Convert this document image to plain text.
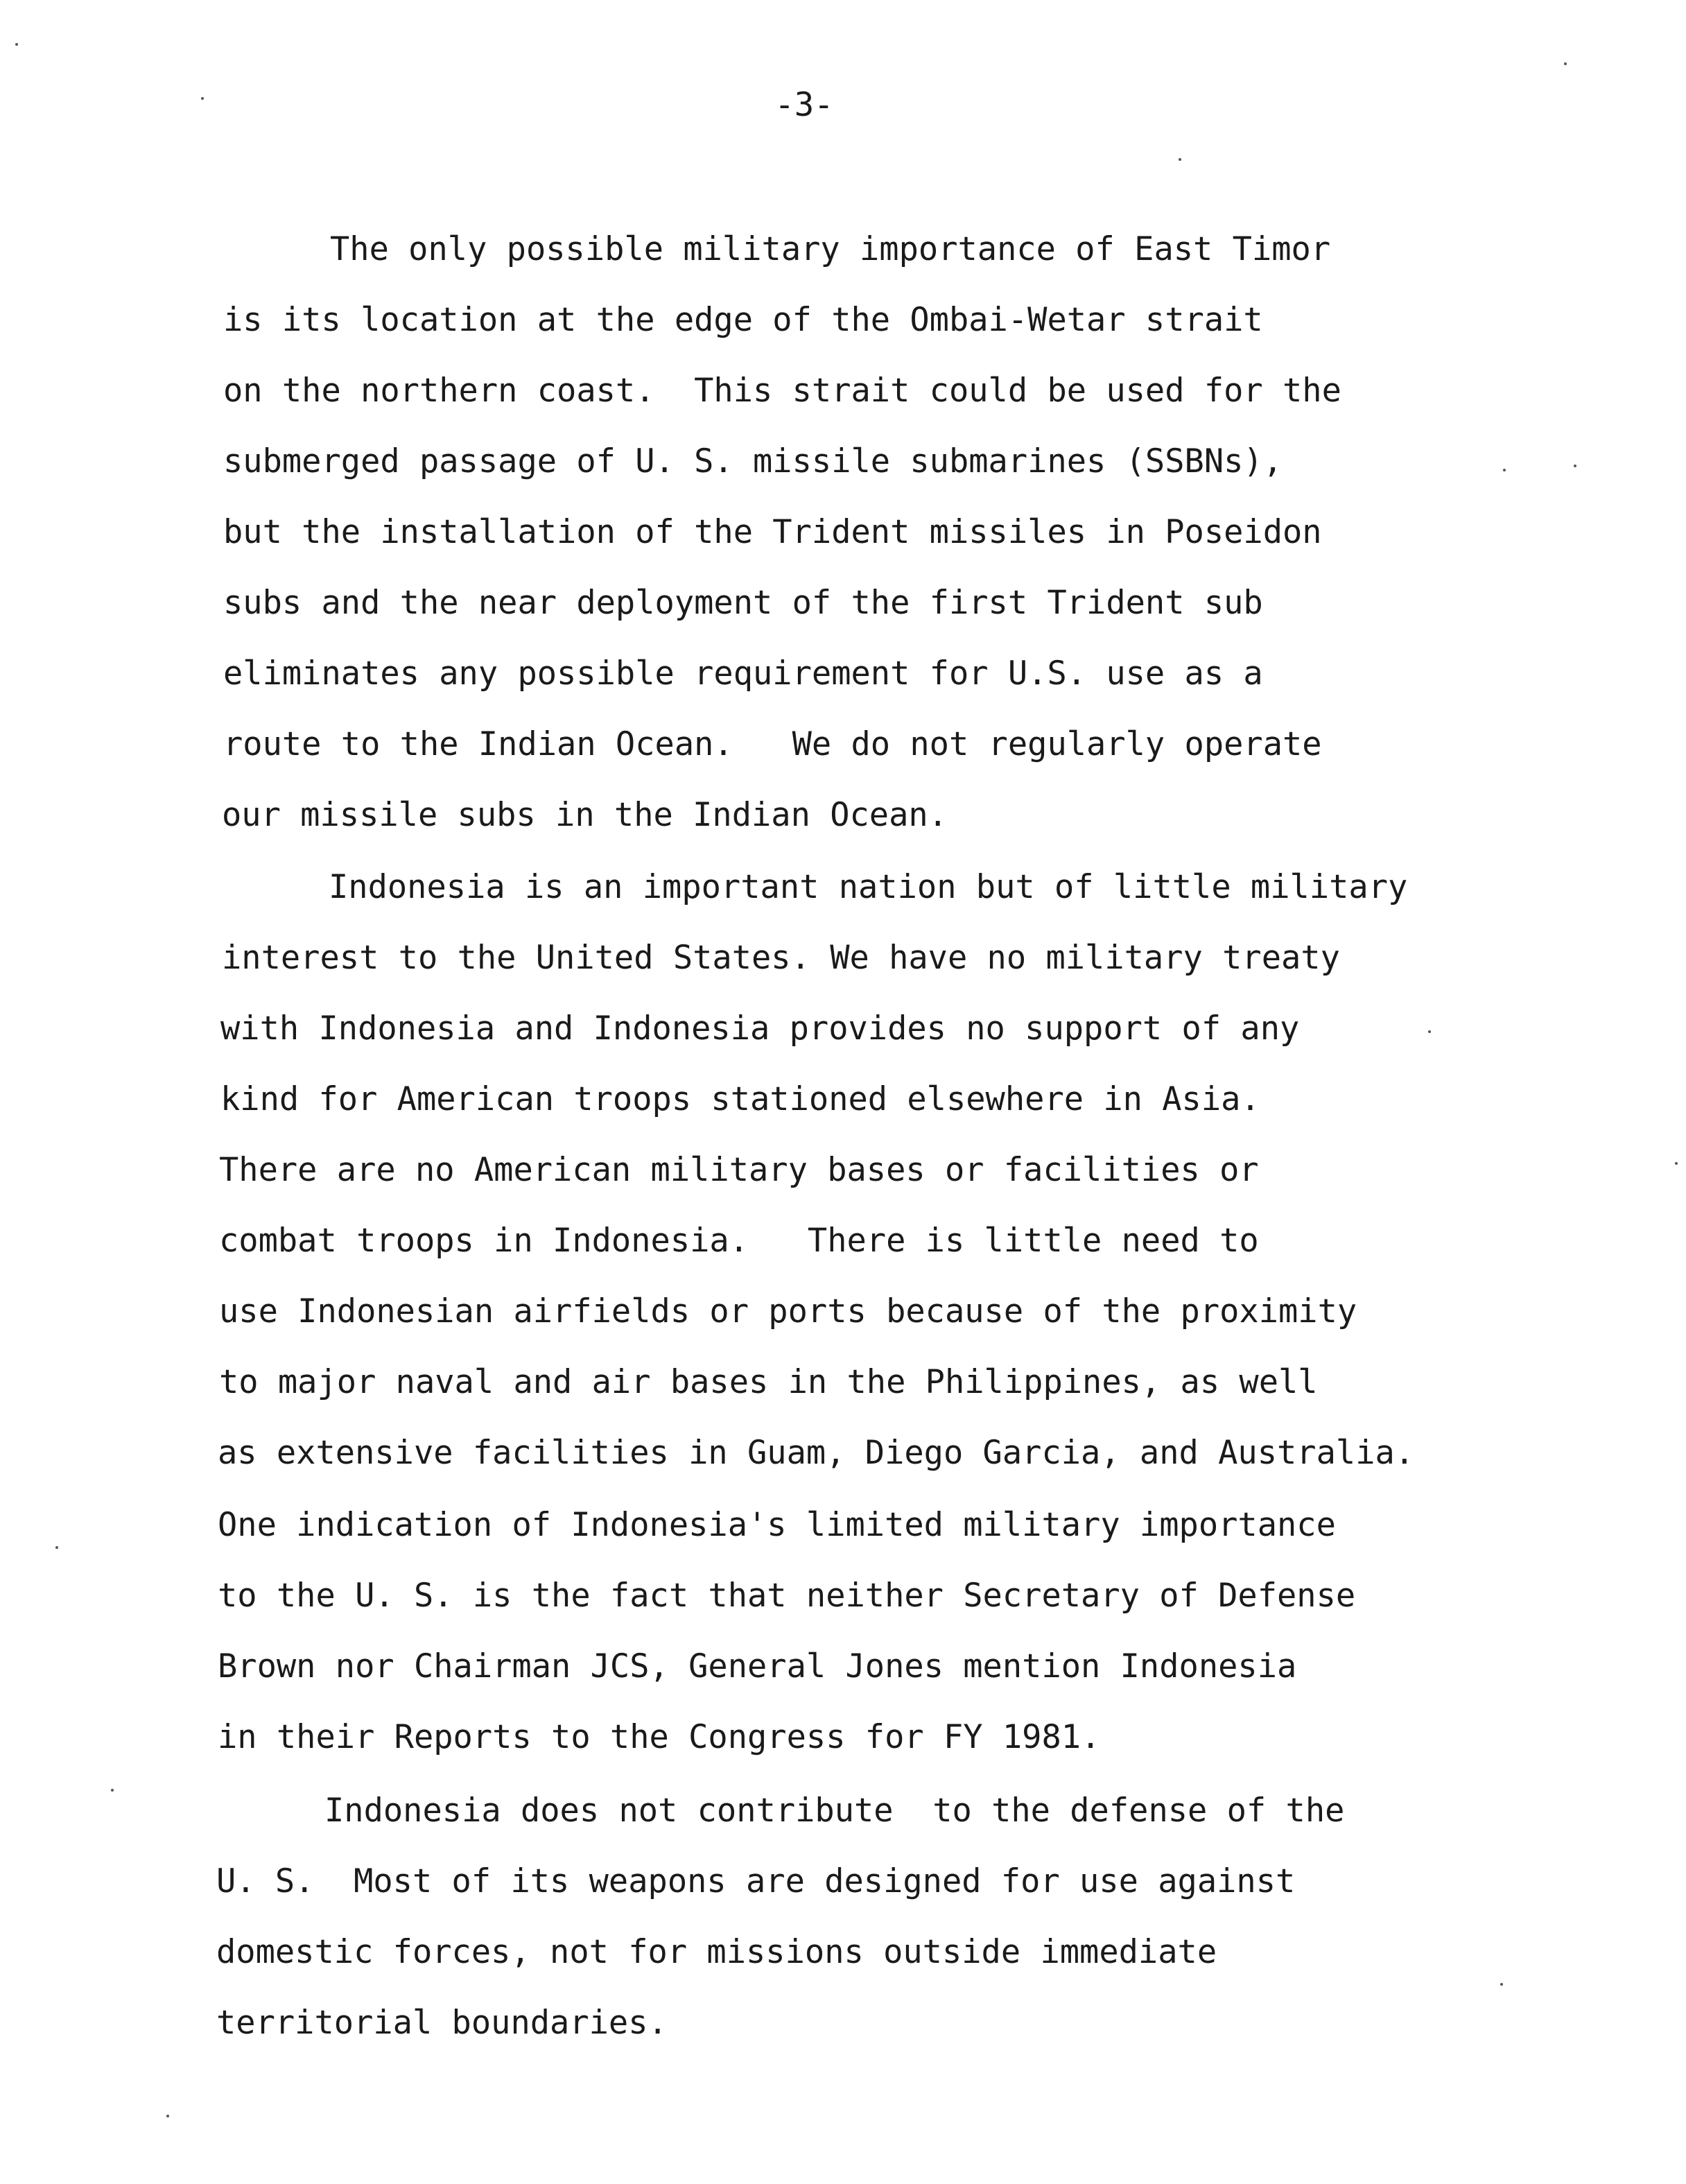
-3-
The only possible military importance of East Timor
is its location at the edge of the Ombai-Wetar strait
on the northern coast.  This strait could be used for the
submerged passage of U. S. missile submarines (SSBNs),
but the installation of the Trident missiles in Poseidon
subs and the near deployment of the first Trident sub
eliminates any possible requirement for U.S. use as a
route to the Indian Ocean.   We do not regularly operate
our missile subs in the Indian Ocean.
Indonesia is an important nation but of little military
interest to the United States. We have no military treaty
with Indonesia and Indonesia provides no support of any
kind for American troops stationed elsewhere in Asia.
There are no American military bases or facilities or
combat troops in Indonesia.   There is little need to
use Indonesian airfields or ports because of the proximity
to major naval and air bases in the Philippines, as well
as extensive facilities in Guam, Diego Garcia, and Australia.
One indication of Indonesia's limited military importance
to the U. S. is the fact that neither Secretary of Defense
Brown nor Chairman JCS, General Jones mention Indonesia
in their Reports to the Congress for FY 1981.
Indonesia does not contribute  to the defense of the
U. S.  Most of its weapons are designed for use against
domestic forces, not for missions outside immediate
territorial boundaries.
